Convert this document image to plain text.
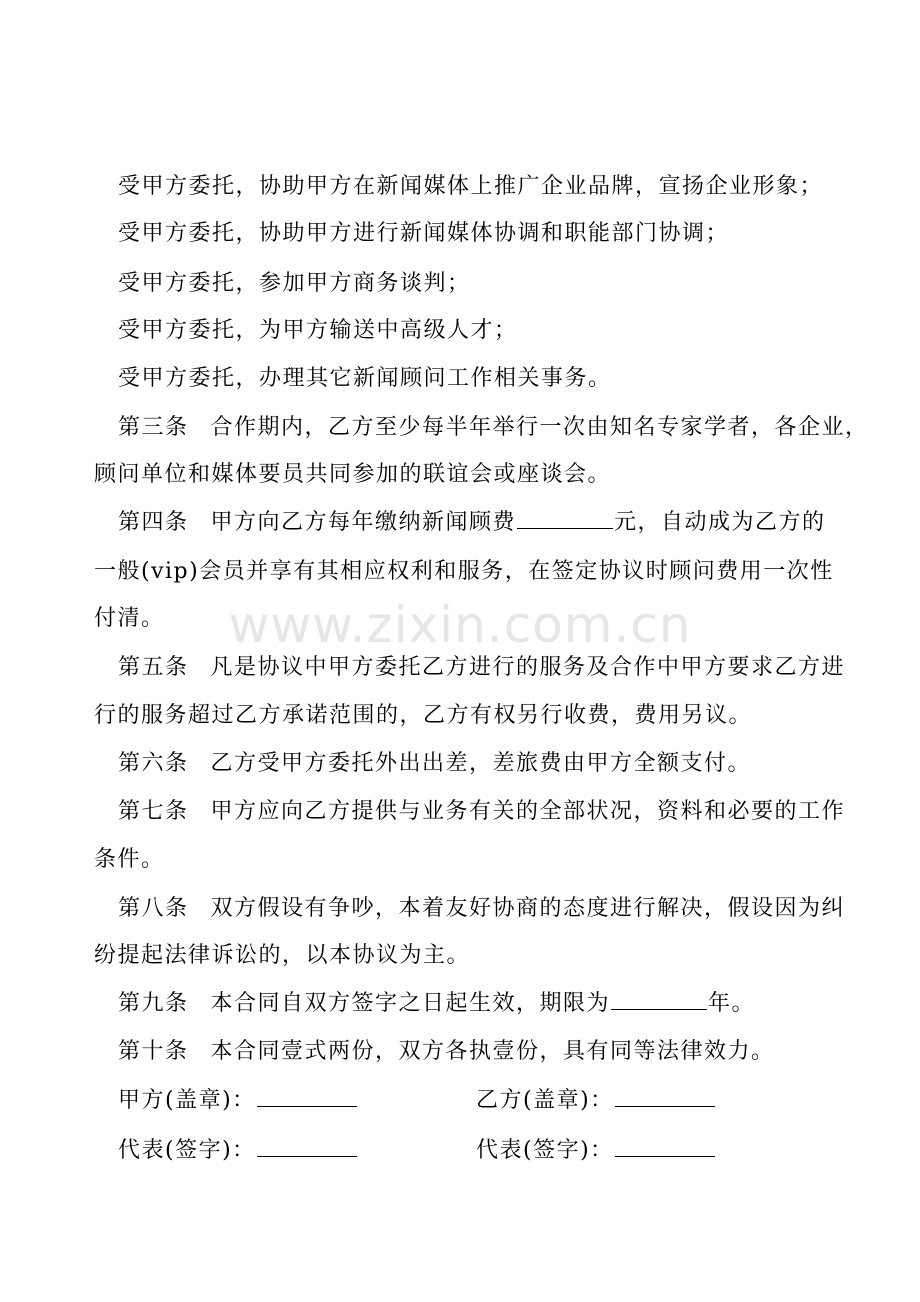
www.zixin.com.cn
受甲方委托，协助甲方在新闻媒体上推广企业品牌，宣扬企业形象；
受甲方委托，协助甲方进行新闻媒体协调和职能部门协调；
受甲方委托，参加甲方商务谈判；
受甲方委托，为甲方输送中高级人才；
受甲方委托，办理其它新闻顾问工作相关事务。
第三条 合作期内，乙方至少每半年举行一次由知名专家学者，各企业，
顾问单位和媒体要员共同参加的联谊会或座谈会。
第四条 甲方向乙方每年缴纳新闻顾费	元，自动成为乙方的
一般(vip)会员并享有其相应权利和服务，在签定协议时顾问费用一次性
付清。
第五条 凡是协议中甲方委托乙方进行的服务及合作中甲方要求乙方进
行的服务超过乙方承诺范围的，乙方有权另行收费，费用另议。
第六条 乙方受甲方委托外出出差，差旅费由甲方全额支付。
第七条 甲方应向乙方提供与业务有关的全部状况，资料和必要的工作
条件。
第八条 双方假设有争吵，本着友好协商的态度进行解决，假设因为纠
纷提起法律诉讼的，以本协议为主。
第九条 本合同自双方签字之日起生效，期限为	年。
第十条 本合同壹式两份，双方各执壹份，具有同等法律效力。
甲方(盖章)：	乙方(盖章)：
代表(签字)：	代表(签字)：
